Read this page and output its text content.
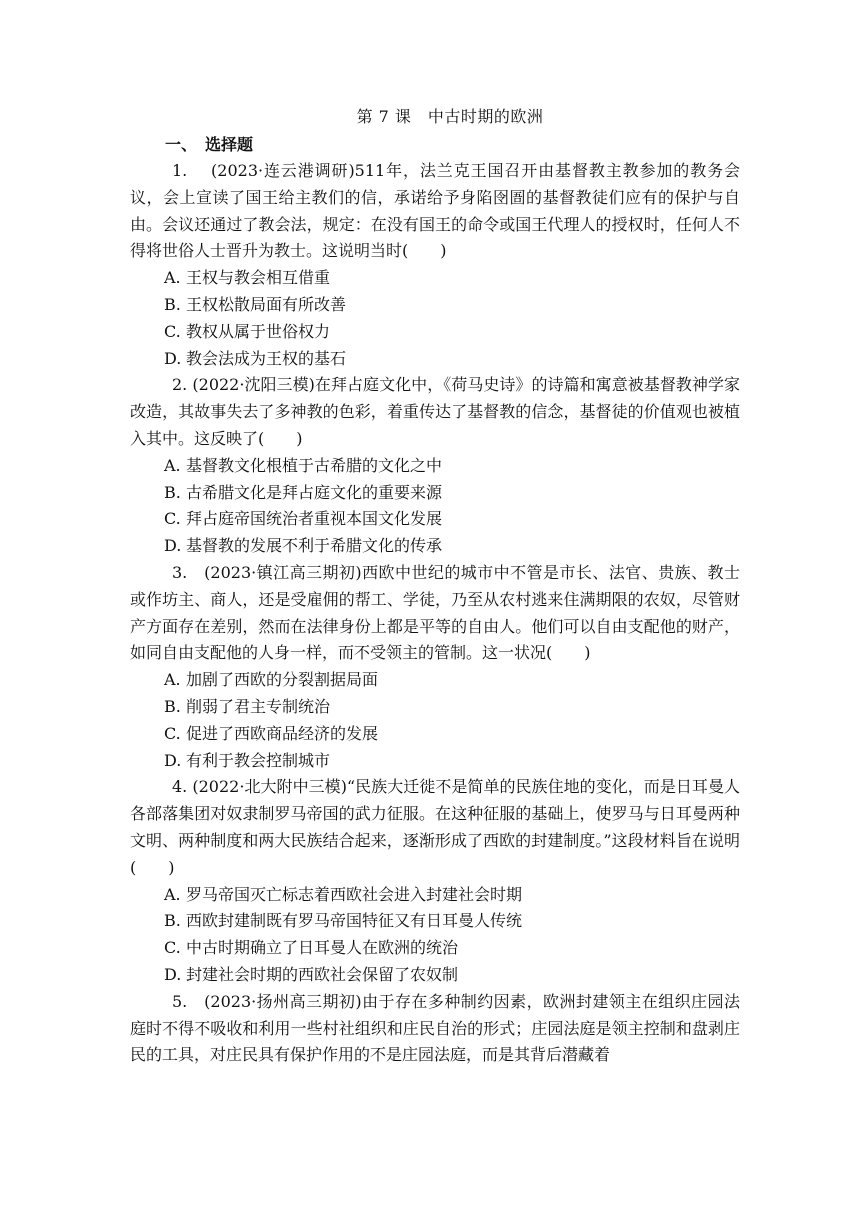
第 7 课　中古时期的欧洲
一、　选择题

1.　 (2023·连云港调研)511年，法兰克王国召开由基督教主教参加的教务会议，会上宣读了国王给主教们的信，承诺给予身陷囹圄的基督教徒们应有的保护与自由。会议还通过了教会法，规定：在没有国王的命令或国王代理人的授权时，任何人不得将世俗人士晋升为教士。这说明当时(　　)

A. 王权与教会相互借重

B. 王权松散局面有所改善

C. 教权从属于世俗权力

D. 教会法成为王权的基石

2. (2022·沈阳三模)在拜占庭文化中，《荷马史诗》的诗篇和寓意被基督教神学家改造，其故事失去了多神教的色彩，着重传达了基督教的信念，基督徒的价值观也被植入其中。这反映了(　　)

A. 基督教文化根植于古希腊的文化之中

B. 古希腊文化是拜占庭文化的重要来源

C. 拜占庭帝国统治者重视本国文化发展

D. 基督教的发展不利于希腊文化的传承

3.　(2023·镇江高三期初)西欧中世纪的城市中不管是市长、法官、贵族、教士或作坊主、商人，还是受雇佣的帮工、学徒，乃至从农村逃来住满期限的农奴，尽管财产方面存在差别，然而在法律身份上都是平等的自由人。他们可以自由支配他的财产，如同自由支配他的人身一样，而不受领主的管制。这一状况(　　)

A. 加剧了西欧的分裂割据局面

B. 削弱了君主专制统治

C. 促进了西欧商品经济的发展

D. 有利于教会控制城市

4. (2022·北大附中三模)“民族大迁徙不是简单的民族住地的变化，而是日耳曼人各部落集团对奴隶制罗马帝国的武力征服。在这种征服的基础上，使罗马与日耳曼两种文明、两种制度和两大民族结合起来，逐渐形成了西欧的封建制度。”这段材料旨在说明(　　)

A. 罗马帝国灭亡标志着西欧社会进入封建社会时期

B. 西欧封建制既有罗马帝国特征又有日耳曼人传统

C. 中古时期确立了日耳曼人在欧洲的统治

D. 封建社会时期的西欧社会保留了农奴制

5.　(2023·扬州高三期初)由于存在多种制约因素，欧洲封建领主在组织庄园法庭时不得不吸收和利用一些村社组织和庄民自治的形式；庄园法庭是领主控制和盘剥庄民的工具，对庄民具有保护作用的不是庄园法庭，而是其背后潜藏着
